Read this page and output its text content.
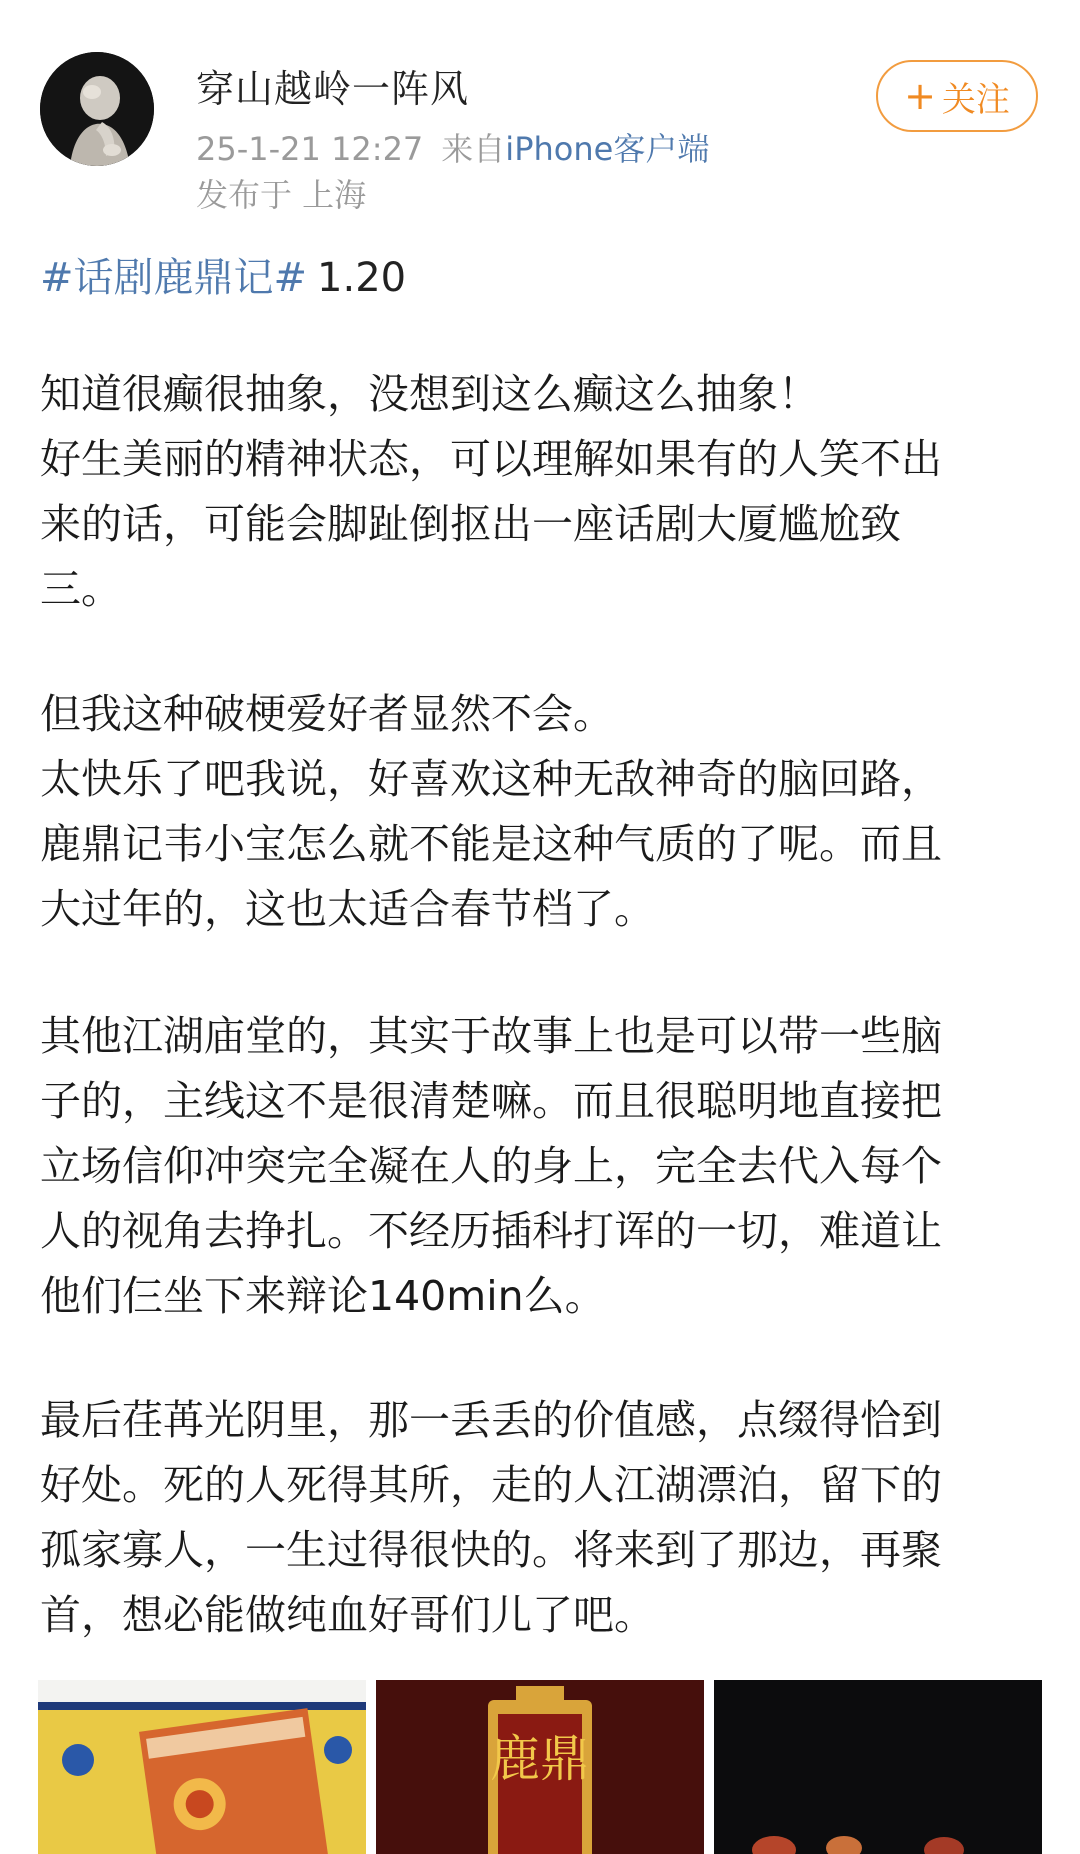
穿山越岭一阵风
25-1-21 12:27 来自iPhone客户端
发布于 上海
+ 关注
#话剧鹿鼎记# 1.20
知道很癫很抽象，没想到这么癫这么抽象！
好生美丽的精神状态，可以理解如果有的人笑不出
来的话，可能会脚趾倒抠出一座话剧大厦尴尬致
三。
但我这种破梗爱好者显然不会。
太快乐了吧我说，好喜欢这种无敌神奇的脑回路，
鹿鼎记韦小宝怎么就不能是这种气质的了呢。而且
大过年的，这也太适合春节档了。
其他江湖庙堂的，其实于故事上也是可以带一些脑
子的，主线这不是很清楚嘛。而且很聪明地直接把
立场信仰冲突完全凝在人的身上，完全去代入每个
人的视角去挣扎。不经历插科打诨的一切，难道让
他们仨坐下来辩论140min么。
最后荏苒光阴里，那一丢丢的价值感，点缀得恰到
好处。死的人死得其所，走的人江湖漂泊，留下的
孤家寡人，一生过得很快的。将来到了那边，再聚
首，想必能做纯血好哥们儿了吧。
鹿鼎
